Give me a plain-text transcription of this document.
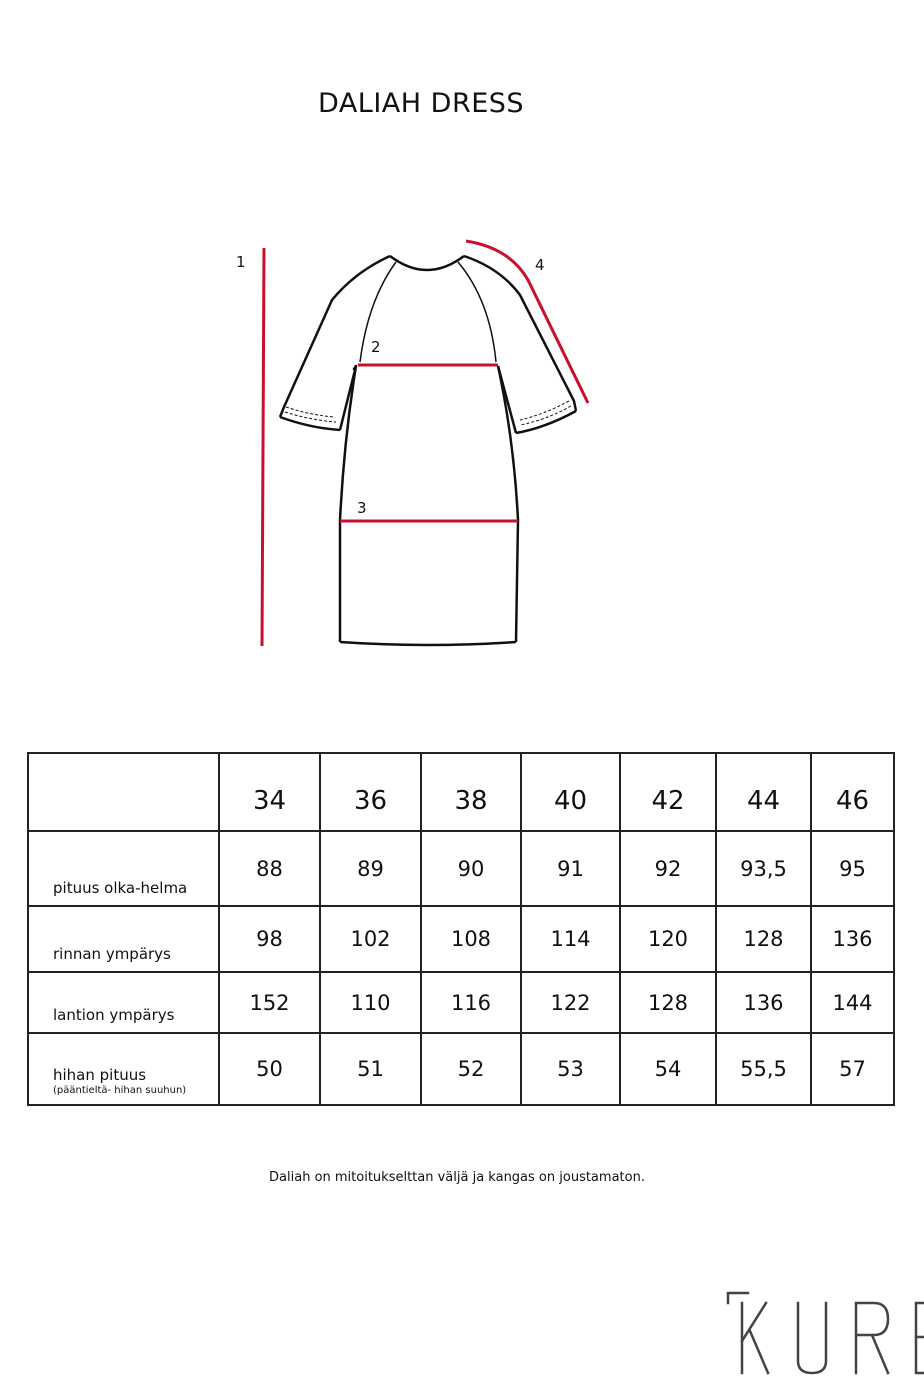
DALIAH DRESS
1
2
3
4
	34	36	38	40	42	44	46
pituus olka-helma	88	89	90	91	92	93,5	95
rinnan ympärys	98	102	108	114	120	128	136
lantion ympärys	152	110	116	122	128	136	144
hihan pituus
(pääntieltä- hihan suuhun)	50	51	52	53	54	55,5	57
Daliah on mitoitukselttan väljä ja kangas on joustamaton.
